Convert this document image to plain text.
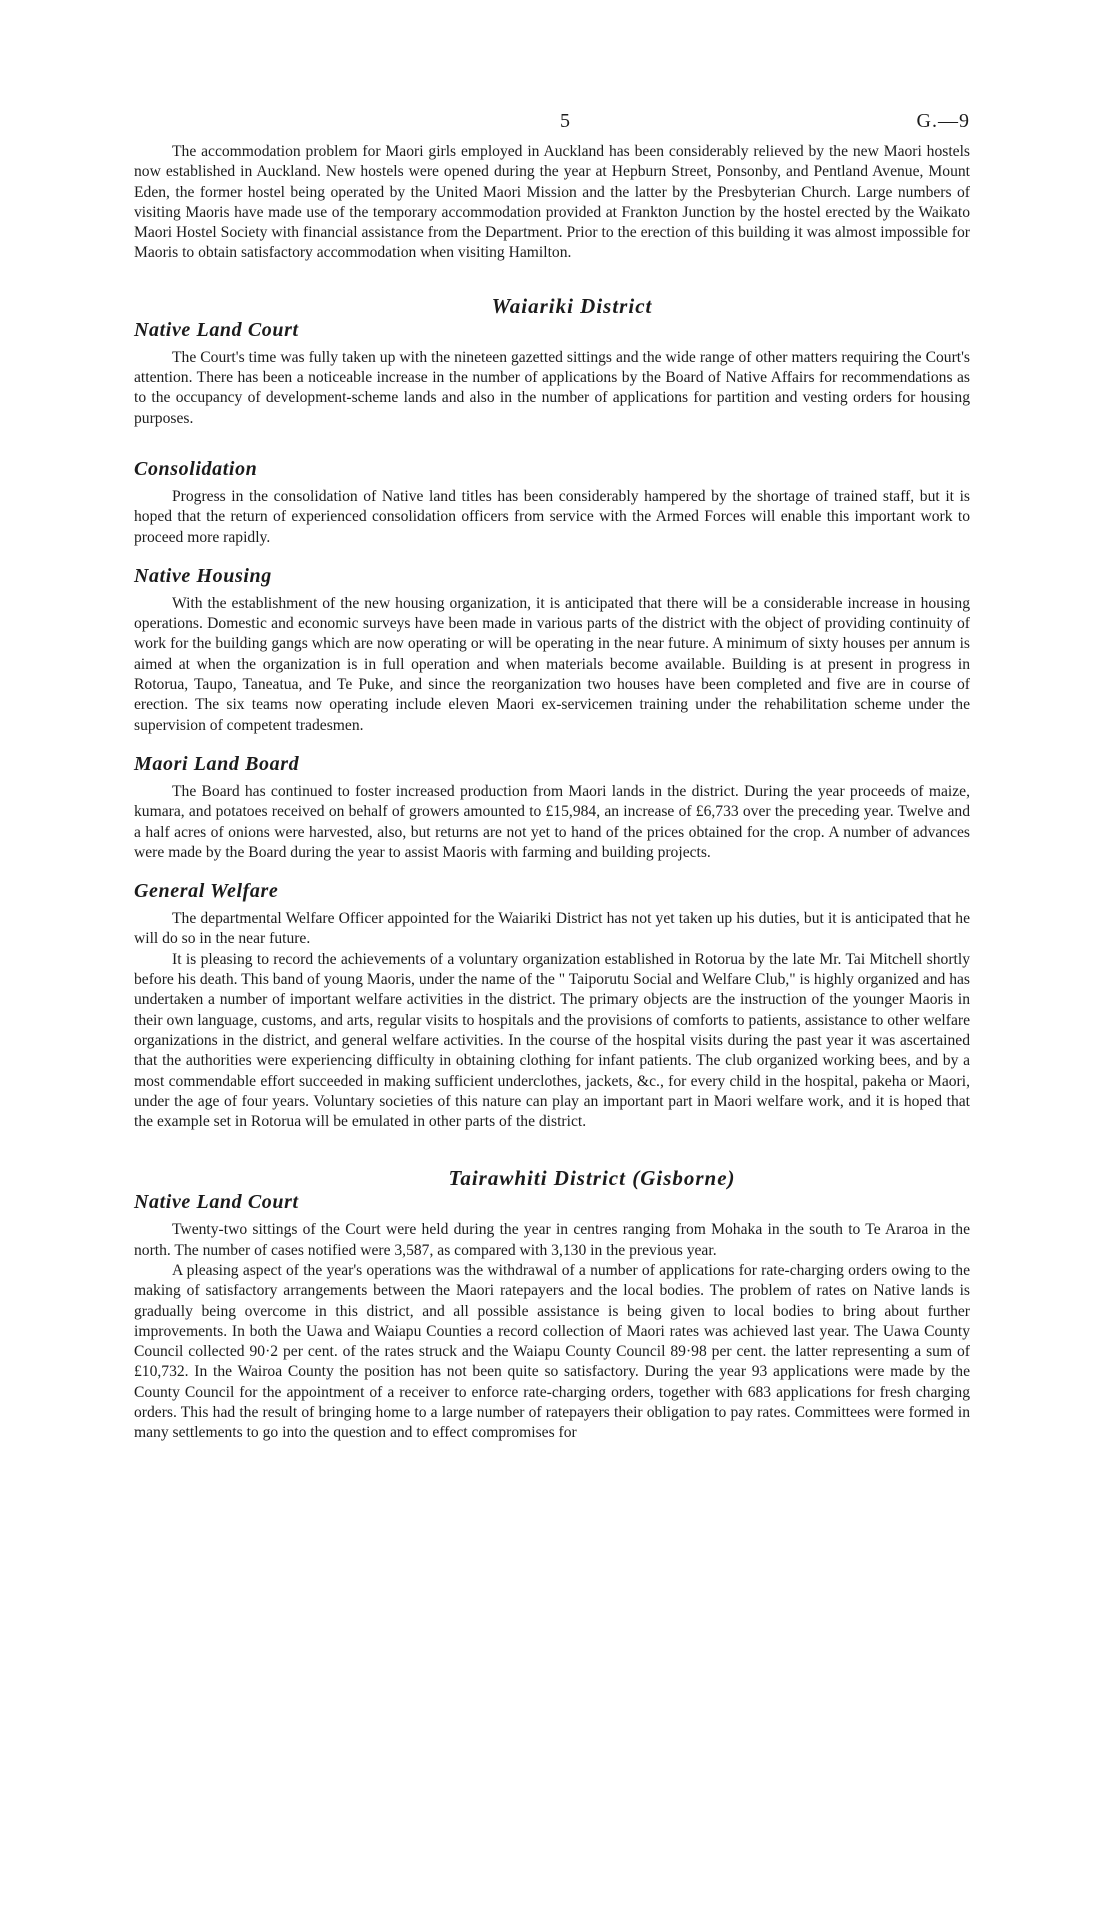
5	G.—9

The accommodation problem for Maori girls employed in Auckland has been considerably relieved by the new Maori hostels now established in Auckland. New hostels were opened during the year at Hepburn Street, Ponsonby, and Pentland Avenue, Mount Eden, the former hostel being operated by the United Maori Mission and the latter by the Presbyterian Church. Large numbers of visiting Maoris have made use of the temporary accommodation provided at Frankton Junction by the hostel erected by the Waikato Maori Hostel Society with financial assistance from the Department. Prior to the erection of this building it was almost impossible for Maoris to obtain satisfactory accommodation when visiting Hamilton.

Waiariki District
Native Land Court

The Court's time was fully taken up with the nineteen gazetted sittings and the wide range of other matters requiring the Court's attention. There has been a noticeable increase in the number of applications by the Board of Native Affairs for recommendations as to the occupancy of development-scheme lands and also in the number of applications for partition and vesting orders for housing purposes.

Consolidation

Progress in the consolidation of Native land titles has been considerably hampered by the shortage of trained staff, but it is hoped that the return of experienced consolidation officers from service with the Armed Forces will enable this important work to proceed more rapidly.

Native Housing

With the establishment of the new housing organization, it is anticipated that there will be a considerable increase in housing operations. Domestic and economic surveys have been made in various parts of the district with the object of providing continuity of work for the building gangs which are now operating or will be operating in the near future. A minimum of sixty houses per annum is aimed at when the organization is in full operation and when materials become available. Building is at present in progress in Rotorua, Taupo, Taneatua, and Te Puke, and since the reorganization two houses have been completed and five are in course of erection. The six teams now operating include eleven Maori ex-servicemen training under the rehabilitation scheme under the supervision of competent tradesmen.

Maori Land Board

The Board has continued to foster increased production from Maori lands in the district. During the year proceeds of maize, kumara, and potatoes received on behalf of growers amounted to £15,984, an increase of £6,733 over the preceding year. Twelve and a half acres of onions were harvested, also, but returns are not yet to hand of the prices obtained for the crop. A number of advances were made by the Board during the year to assist Maoris with farming and building projects.

General Welfare

The departmental Welfare Officer appointed for the Waiariki District has not yet taken up his duties, but it is anticipated that he will do so in the near future.

It is pleasing to record the achievements of a voluntary organization established in Rotorua by the late Mr. Tai Mitchell shortly before his death. This band of young Maoris, under the name of the " Taiporutu Social and Welfare Club," is highly organized and has undertaken a number of important welfare activities in the district. The primary objects are the instruction of the younger Maoris in their own language, customs, and arts, regular visits to hospitals and the provisions of comforts to patients, assistance to other welfare organizations in the district, and general welfare activities. In the course of the hospital visits during the past year it was ascertained that the authorities were experiencing difficulty in obtaining clothing for infant patients. The club organized working bees, and by a most commendable effort succeeded in making sufficient underclothes, jackets, &c., for every child in the hospital, pakeha or Maori, under the age of four years. Voluntary societies of this nature can play an important part in Maori welfare work, and it is hoped that the example set in Rotorua will be emulated in other parts of the district.

Tairawhiti District (Gisborne)
Native Land Court

Twenty-two sittings of the Court were held during the year in centres ranging from Mohaka in the south to Te Araroa in the north. The number of cases notified were 3,587, as compared with 3,130 in the previous year.

A pleasing aspect of the year's operations was the withdrawal of a number of applications for rate-charging orders owing to the making of satisfactory arrangements between the Maori ratepayers and the local bodies. The problem of rates on Native lands is gradually being overcome in this district, and all possible assistance is being given to local bodies to bring about further improvements. In both the Uawa and Waiapu Counties a record collection of Maori rates was achieved last year. The Uawa County Council collected 90·2 per cent. of the rates struck and the Waiapu County Council 89·98 per cent. the latter representing a sum of £10,732. In the Wairoa County the position has not been quite so satisfactory. During the year 93 applications were made by the County Council for the appointment of a receiver to enforce rate-charging orders, together with 683 applications for fresh charging orders. This had the result of bringing home to a large number of ratepayers their obligation to pay rates. Committees were formed in many settlements to go into the question and to effect compromises for
